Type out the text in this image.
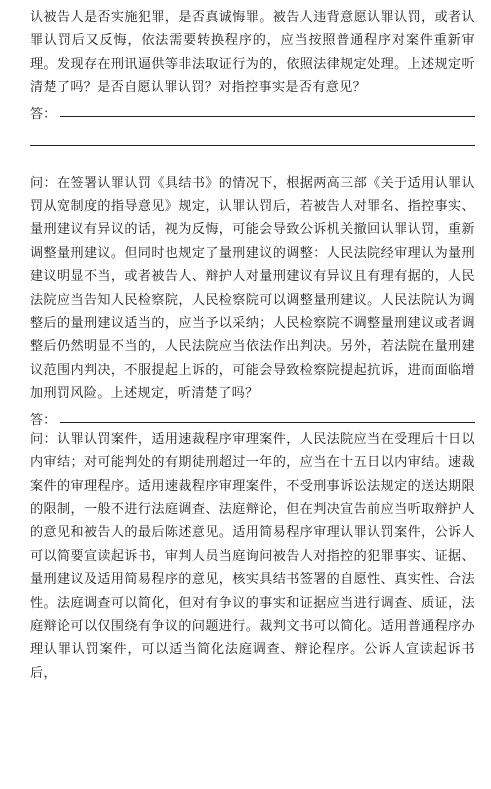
认被告人是否实施犯罪，是否真诚悔罪。被告人违背意愿认罪认罚，或者认罪认罚后又反悔，依法需要转换程序的，应当按照普通程序对案件重新审理。发现存在刑讯逼供等非法取证行为的，依照法律规定处理。上述规定听清楚了吗？是否自愿认罪认罚？对指控事实是否有意见？

答：

问：在签署认罪认罚《具结书》的情况下，根据两高三部《关于适用认罪认罚从宽制度的指导意见》规定，认罪认罚后，若被告人对罪名、指控事实、量刑建议有异议的话，视为反悔，可能会导致公诉机关撤回认罪认罚，重新调整量刑建议。但同时也规定了量刑建议的调整：人民法院经审理认为量刑建议明显不当，或者被告人、辩护人对量刑建议有异议且有理有据的，人民法院应当告知人民检察院，人民检察院可以调整量刑建议。人民法院认为调整后的量刑建议适当的，应当予以采纳；人民检察院不调整量刑建议或者调整后仍然明显不当的，人民法院应当依法作出判决。另外，若法院在量刑建议范围内判决，不服提起上诉的，可能会导致检察院提起抗诉，进而面临增加刑罚风险。上述规定，听清楚了吗？

答：

问：认罪认罚案件，适用速裁程序审理案件，人民法院应当在受理后十日以内审结；对可能判处的有期徒刑超过一年的，应当在十五日以内审结。速裁案件的审理程序。适用速裁程序审理案件，不受刑事诉讼法规定的送达期限的限制，一般不进行法庭调查、法庭辩论，但在判决宣告前应当听取辩护人的意见和被告人的最后陈述意见。适用简易程序审理认罪认罚案件，公诉人可以简要宣读起诉书，审判人员当庭询问被告人对指控的犯罪事实、证据、量刑建议及适用简易程序的意见，核实具结书签署的自愿性、真实性、合法性。法庭调查可以简化，但对有争议的事实和证据应当进行调查、质证，法庭辩论可以仅围绕有争议的问题进行。裁判文书可以简化。适用普通程序办理认罪认罚案件，可以适当简化法庭调查、辩论程序。公诉人宣读起诉书后，
